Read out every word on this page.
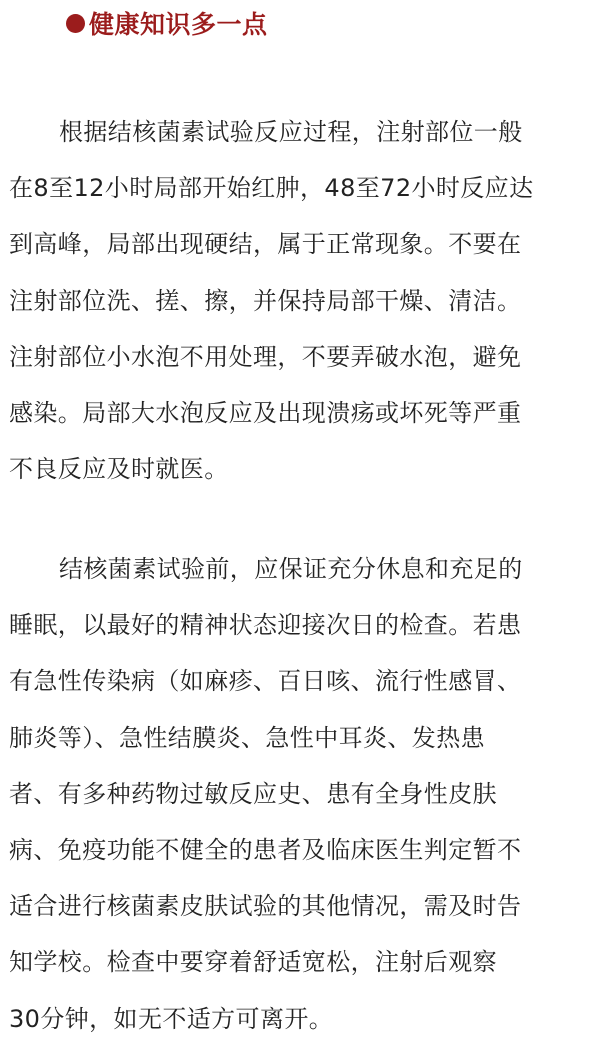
健康知识多一点
根据结核菌素试验反应过程，注射部位一般
在8至12小时局部开始红肿，48至72小时反应达
到高峰，局部出现硬结，属于正常现象。不要在
注射部位洗、搓、擦，并保持局部干燥、清洁。
注射部位小水泡不用处理，不要弄破水泡，避免
感染。局部大水泡反应及出现溃疡或坏死等严重
不良反应及时就医。
结核菌素试验前，应保证充分休息和充足的
睡眠，以最好的精神状态迎接次日的检查。若患
有急性传染病（如麻疹、百日咳、流行性感冒、
肺炎等）、急性结膜炎、急性中耳炎、发热患
者、有多种药物过敏反应史、患有全身性皮肤
病、免疫功能不健全的患者及临床医生判定暂不
适合进行核菌素皮肤试验的其他情况，需及时告
知学校。检查中要穿着舒适宽松，注射后观察
30分钟，如无不适方可离开。
